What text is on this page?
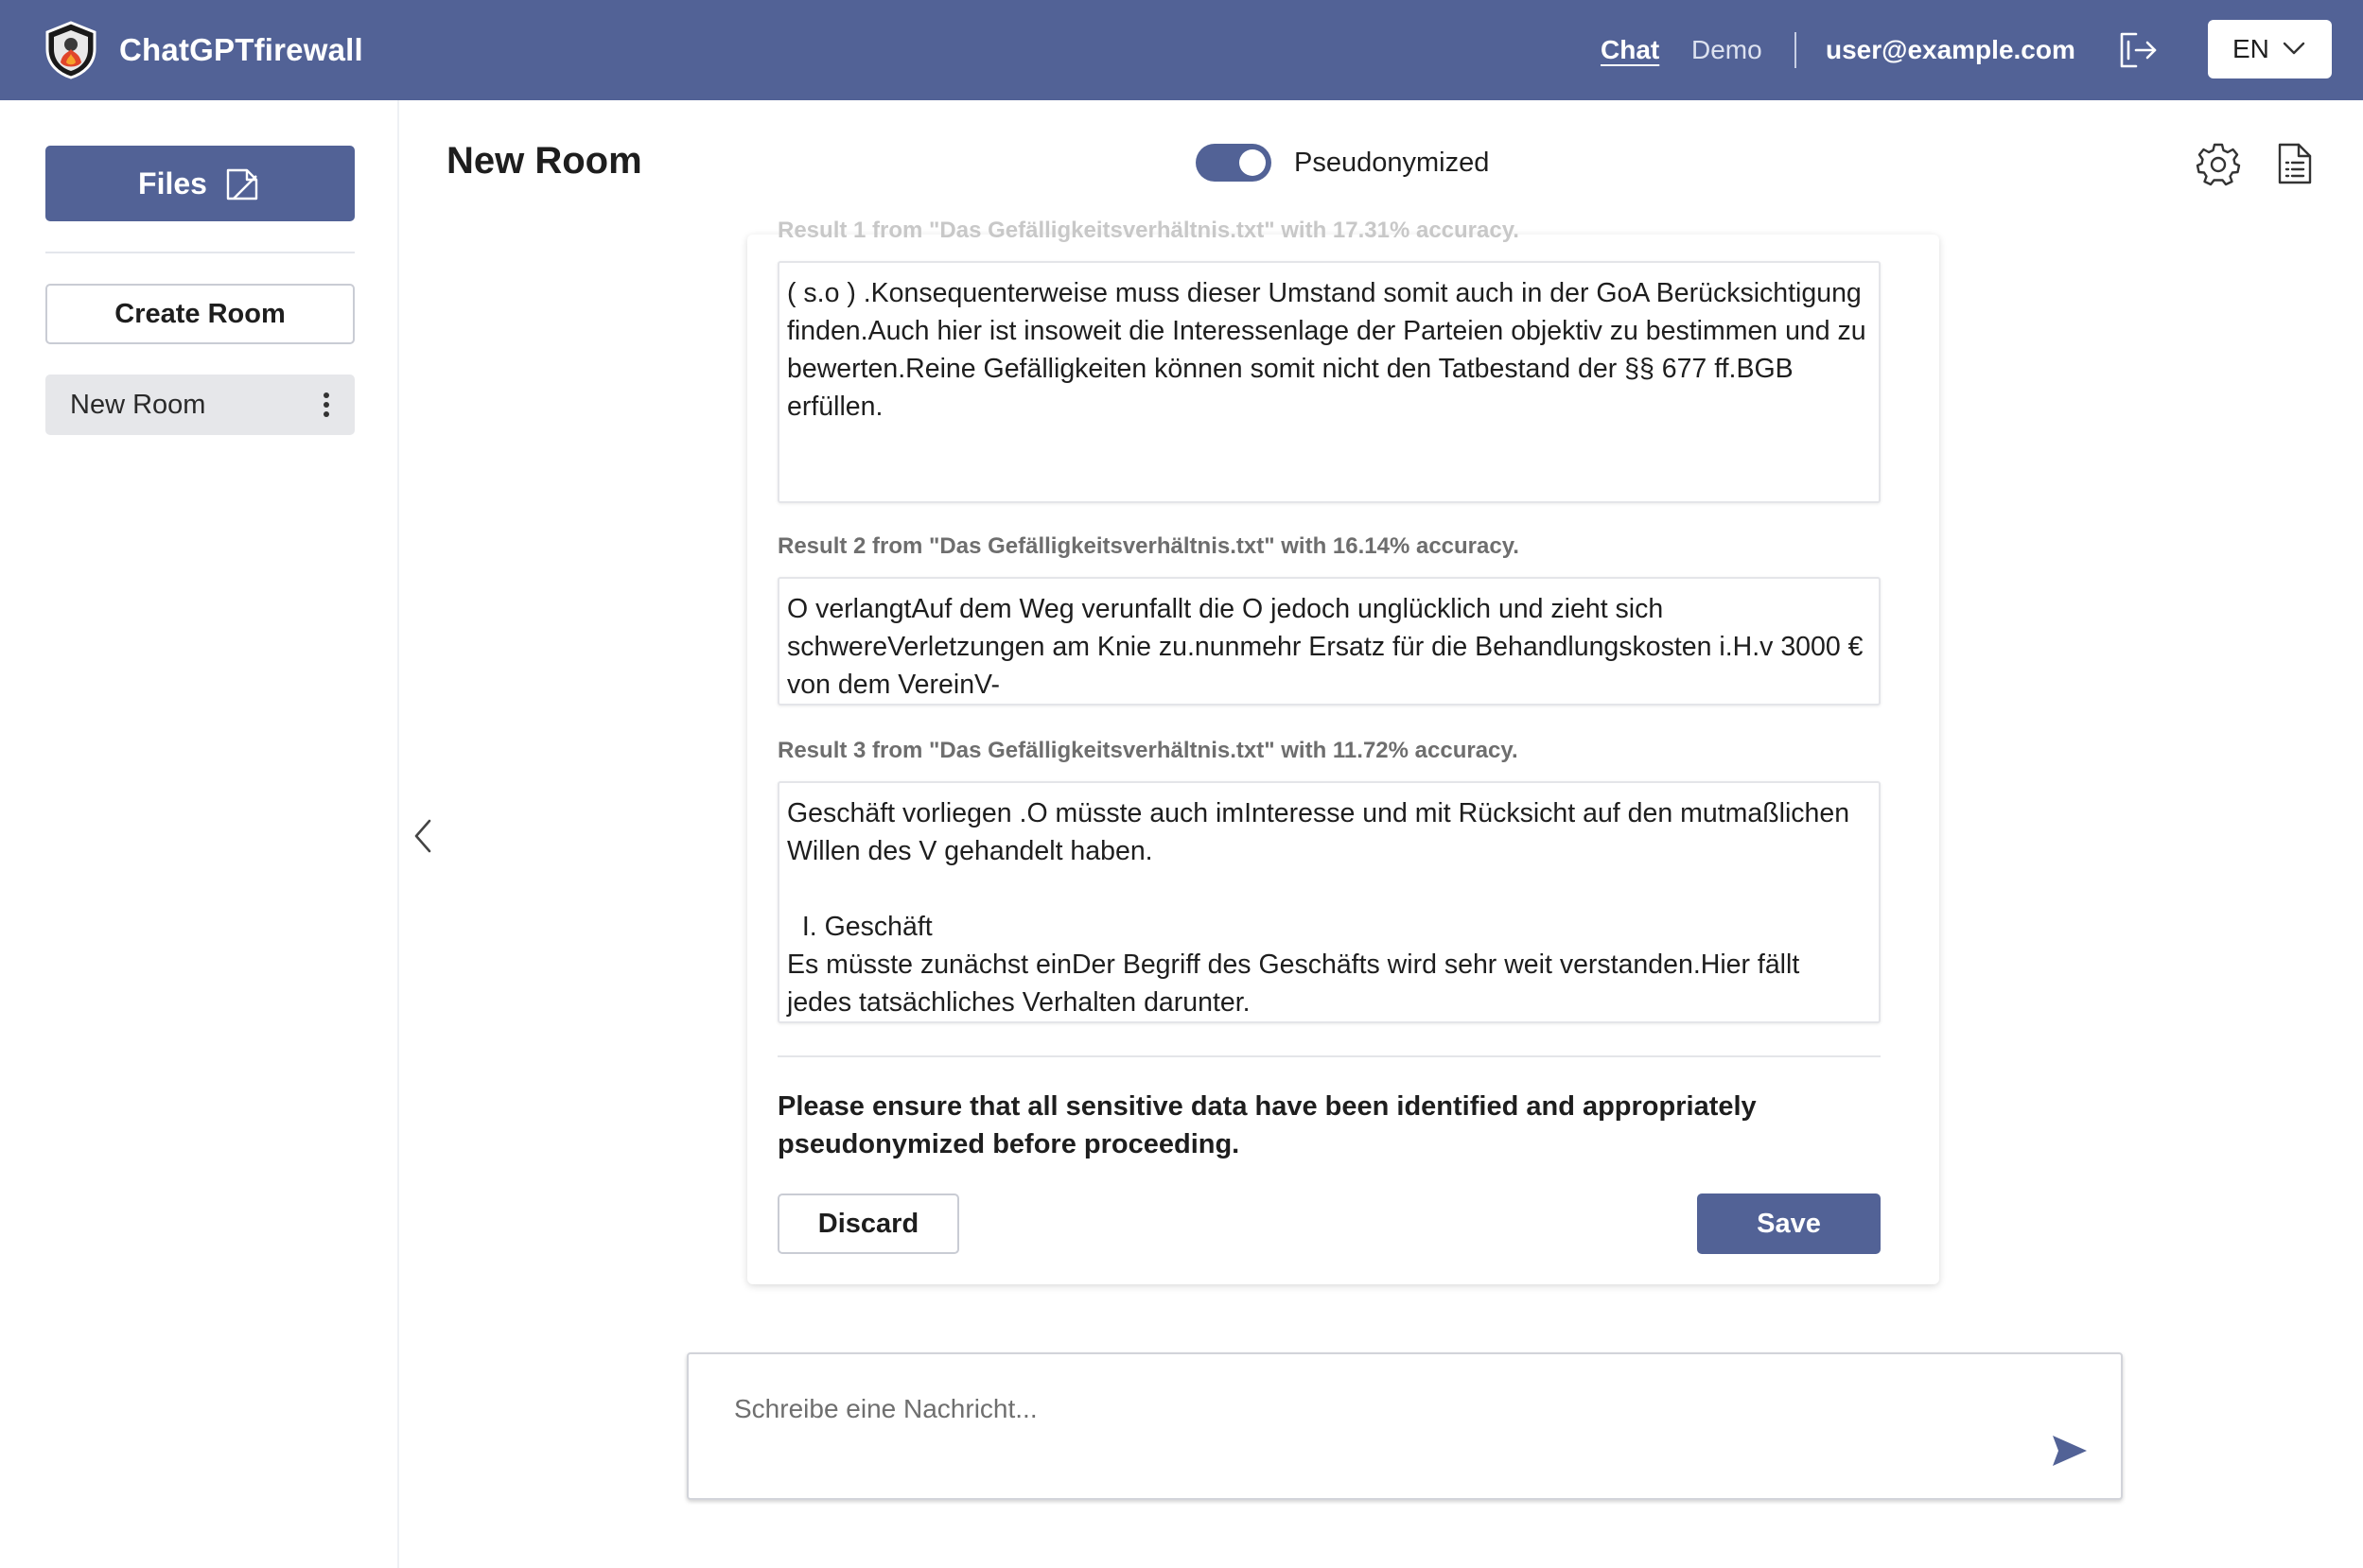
ChatGPTfirewall	Chat Demo user@example.com	EN
Files
Create Room
New Room
New Room	Pseudonymized
Result 1 from "Das Gefälligkeitsverhältnis.txt" with 17.31% accuracy.
( s.o ) .Konsequenterweise muss dieser Umstand somit auch in der GoA Berücksichtigung finden.Auch hier ist insoweit die Interessenlage der Parteien objektiv zu bestimmen und zu bewerten.Reine Gefälligkeiten können somit nicht den Tatbestand der §§ 677 ff.BGB erfüllen.
Result 2 from "Das Gefälligkeitsverhältnis.txt" with 16.14% accuracy.
O verlangtAuf dem Weg verunfallt die O jedoch unglücklich und zieht sich schwereVerletzungen am Knie zu.nunmehr Ersatz für die Behandlungskosten i.H.v 3000 € von dem VereinV-
Result 3 from "Das Gefälligkeitsverhältnis.txt" with 11.72% accuracy.
Geschäft vorliegen .O müsste auch imInteresse und mit Rücksicht auf den mutmaßlichen Willen des V gehandelt haben.

I. Geschäft
Es müsste zunächst einDer Begriff des Geschäfts wird sehr weit verstanden.Hier fällt jedes tatsächliches Verhalten darunter.

Please ensure that all sensitive data have been identified and appropriately pseudonymized before proceeding.

Discard	Save
Schreibe eine Nachricht...
